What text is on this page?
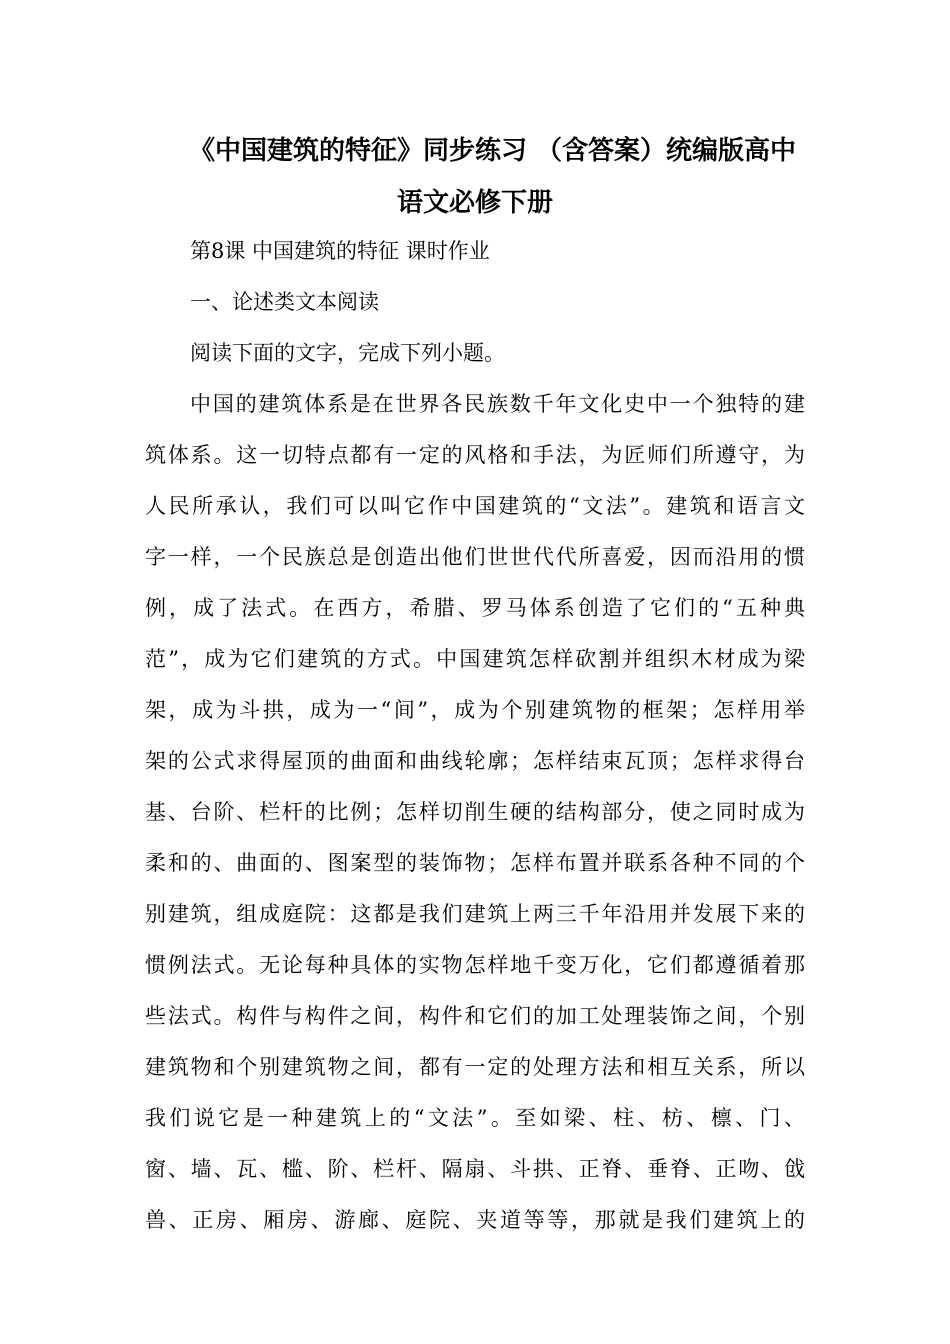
《中国建筑的特征》同步练习 （含答案）统编版高中
语文必修下册
第8课 中国建筑的特征 课时作业
一、论述类文本阅读
阅读下面的文字，完成下列小题。
中国的建筑体系是在世界各民族数千年文化史中一个独特的建
筑体系。这一切特点都有一定的风格和手法，为匠师们所遵守，为
人民所承认，我们可以叫它作中国建筑的“文法”。建筑和语言文
字一样，一个民族总是创造出他们世世代代所喜爱，因而沿用的惯
例，成了法式。在西方，希腊、罗马体系创造了它们的“五种典
范”，成为它们建筑的方式。中国建筑怎样砍割并组织木材成为梁
架，成为斗拱，成为一“间”，成为个别建筑物的框架；怎样用举
架的公式求得屋顶的曲面和曲线轮廓；怎样结束瓦顶；怎样求得台
基、台阶、栏杆的比例；怎样切削生硬的结构部分，使之同时成为
柔和的、曲面的、图案型的装饰物；怎样布置并联系各种不同的个
别建筑，组成庭院：这都是我们建筑上两三千年沿用并发展下来的
惯例法式。无论每种具体的实物怎样地千变万化，它们都遵循着那
些法式。构件与构件之间，构件和它们的加工处理装饰之间，个别
建筑物和个别建筑物之间，都有一定的处理方法和相互关系，所以
我们说它是一种建筑上的“文法”。至如梁、柱、枋、檩、门、
窗、墙、瓦、槛、阶、栏杆、隔扇、斗拱、正脊、垂脊、正吻、戗
兽、正房、厢房、游廊、庭院、夹道等等，那就是我们建筑上的
